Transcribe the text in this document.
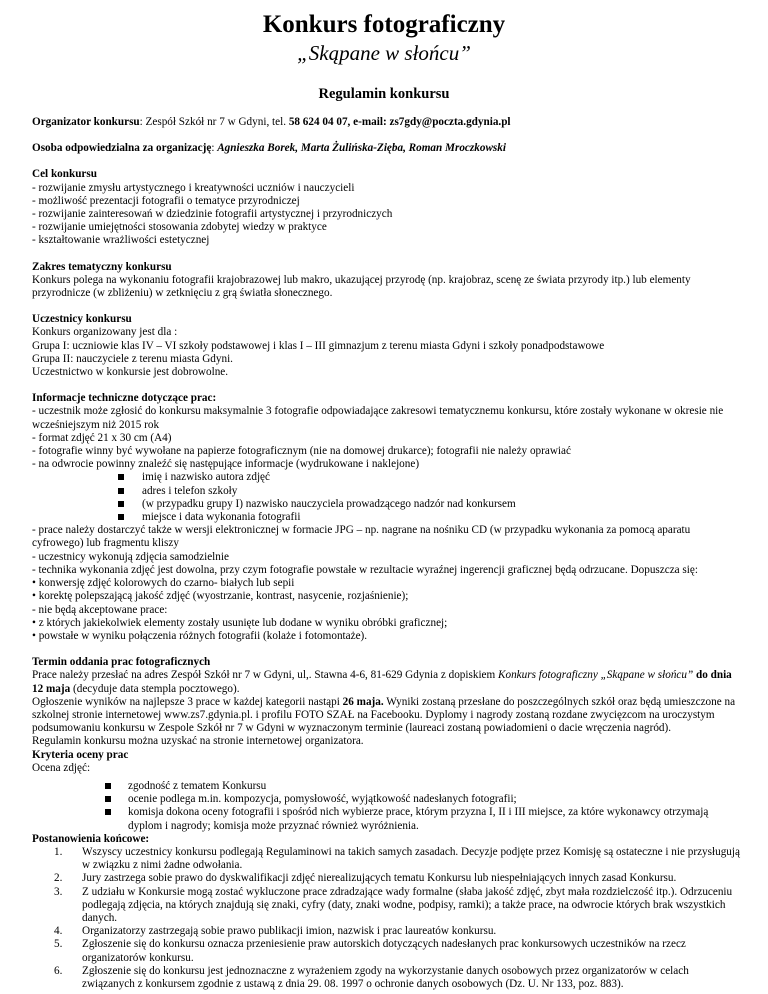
Konkurs fotograficzny
„Skąpane w słońcu”
Regulamin konkursu

Organizator konkursu: Zespół Szkół nr 7 w Gdyni, tel. 58 624 04 07, e-mail: zs7gdy@poczta.gdynia.pl

Osoba odpowiedzialna za organizację: Agnieszka Borek, Marta Żulińska-Zięba, Roman Mroczkowski

Cel konkursu

- rozwijanie zmysłu artystycznego i kreatywności uczniów i nauczycieli

- możliwość prezentacji fotografii o tematyce przyrodniczej

- rozwijanie zainteresowań w dziedzinie fotografii artystycznej i przyrodniczych

- rozwijanie umiejętności stosowania zdobytej wiedzy w praktyce

- kształtowanie wrażliwości estetycznej

Zakres tematyczny konkursu

Konkurs polega na wykonaniu fotografii krajobrazowej lub makro, ukazującej przyrodę (np. krajobraz, scenę ze świata przyrody itp.) lub elementy przyrodnicze (w zbliżeniu) w zetknięciu z grą światła słonecznego.

Uczestnicy konkursu

Konkurs organizowany jest dla :

Grupa I: uczniowie klas IV – VI szkoły podstawowej i klas I – III gimnazjum z terenu miasta Gdyni i szkoły ponadpodstawowe

Grupa II: nauczyciele z terenu miasta Gdyni.

Uczestnictwo w konkursie jest dobrowolne.

Informacje techniczne dotyczące prac:

- uczestnik może zgłosić do konkursu maksymalnie 3 fotografie odpowiadające zakresowi tematycznemu konkursu, które zostały wykonane w okresie nie wcześniejszym niż 2015 rok

- format zdjęć 21 x 30 cm (A4)

- fotografie winny być wywołane na papierze fotograficznym (nie na domowej drukarce); fotografii nie należy oprawiać

- na odwrocie powinny znaleźć się następujące informacje (wydrukowane i naklejone)

imię i nazwisko autora zdjęć

adres i telefon szkoły

(w przypadku grupy I) nazwisko nauczyciela prowadzącego nadzór nad konkursem

miejsce i data wykonania fotografii

- prace należy dostarczyć także w wersji elektronicznej w formacie JPG – np. nagrane na nośniku CD (w przypadku wykonania za pomocą aparatu cyfrowego) lub fragmentu kliszy

- uczestnicy wykonują zdjęcia samodzielnie

- technika wykonania zdjęć jest dowolna, przy czym fotografie powstałe w rezultacie wyraźnej ingerencji graficznej będą odrzucane. Dopuszcza się:

• konwersję zdjęć kolorowych do czarno- białych lub sepii

• korektę polepszającą jakość zdjęć (wyostrzanie, kontrast, nasycenie, rozjaśnienie);

- nie będą akceptowane prace:

• z których jakiekolwiek elementy zostały usunięte lub dodane w wyniku obróbki graficznej;

• powstałe w wyniku połączenia różnych fotografii (kolaże i fotomontaże).

Termin oddania prac fotograficznych

Prace należy przesłać na adres Zespół Szkół nr 7 w Gdyni, ul,. Stawna 4-6, 81-629 Gdynia z dopiskiem Konkurs fotograficzny „Skąpane w słońcu” do dnia 12 maja (decyduje data stempla pocztowego).

Ogłoszenie wyników na najlepsze 3 prace w każdej kategorii nastąpi 26 maja. Wyniki zostaną przesłane do poszczególnych szkół oraz będą umieszczone na szkolnej stronie internetowej www.zs7.gdynia.pl. i profilu FOTO SZAŁ na Facebooku. Dyplomy i nagrody zostaną rozdane zwycięzcom na uroczystym podsumowaniu konkursu w Zespole Szkół nr 7 w Gdyni w wyznaczonym terminie (laureaci zostaną powiadomieni o dacie wręczenia nagród).

Regulamin konkursu można uzyskać na stronie internetowej organizatora.

Kryteria oceny prac

Ocena zdjęć:

zgodność z tematem Konkursu

ocenie podlega m.in. kompozycja, pomysłowość, wyjątkowość nadesłanych fotografii;

komisja dokona oceny fotografii i spośród nich wybierze prace, którym przyzna I, II i III miejsce, za które wykonawcy otrzymają dyplom i nagrody; komisja może przyznać również wyróżnienia.

Postanowienia końcowe:

1. Wszyscy uczestnicy konkursu podlegają Regulaminowi na takich samych zasadach. Decyzje podjęte przez Komisję są ostateczne i nie przysługują w związku z nimi żadne odwołania.

2. Jury zastrzega sobie prawo do dyskwalifikacji zdjęć nierealizujących tematu Konkursu lub niespełniających innych zasad Konkursu.

3. Z udziału w Konkursie mogą zostać wykluczone prace zdradzające wady formalne (słaba jakość zdjęć, zbyt mała rozdzielczość itp.). Odrzuceniu podlegają zdjęcia, na których znajdują się znaki, cyfry (daty, znaki wodne, podpisy, ramki); a także prace, na odwrocie których brak wszystkich danych.

4. Organizatorzy zastrzegają sobie prawo publikacji imion, nazwisk i prac laureatów konkursu.

5. Zgłoszenie się do konkursu oznacza przeniesienie praw autorskich dotyczących nadesłanych prac konkursowych uczestników na rzecz organizatorów konkursu.

6. Zgłoszenie się do konkursu jest jednoznaczne z wyrażeniem zgody na wykorzystanie danych osobowych przez organizatorów w celach związanych z konkursem zgodnie z ustawą z dnia 29. 08. 1997 o ochronie danych osobowych (Dz. U. Nr 133, poz. 883).
